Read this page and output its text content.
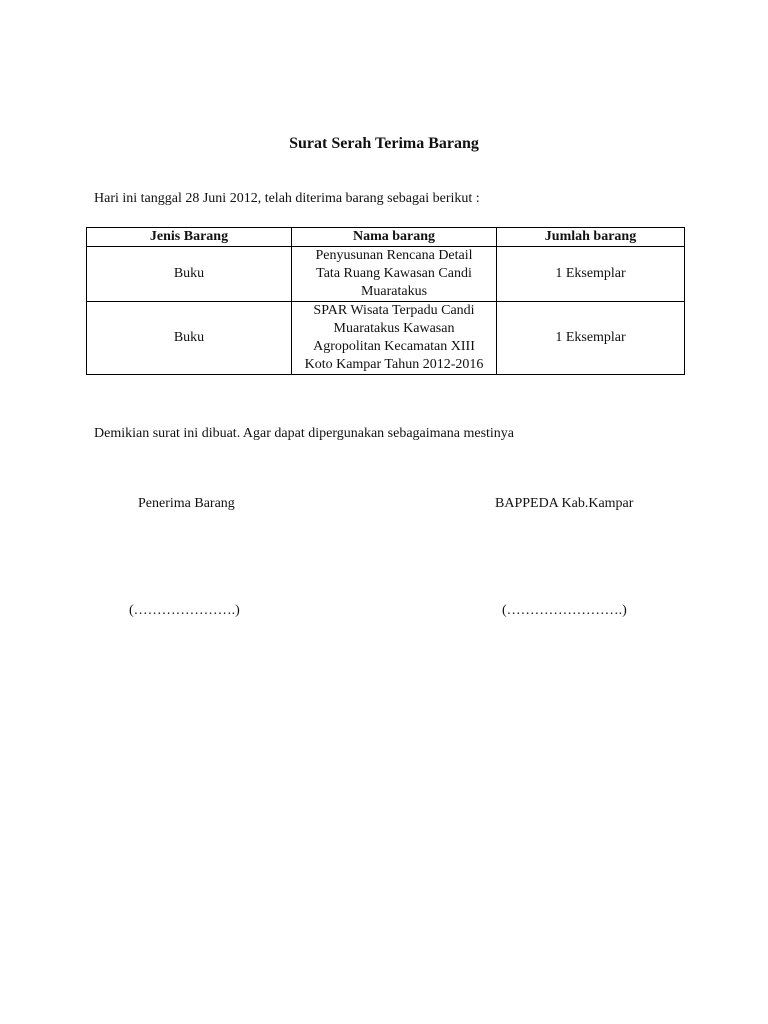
Surat Serah Terima Barang
Hari ini tanggal 28 Juni 2012, telah diterima barang sebagai berikut :
Jenis Barang	Nama barang	Jumlah barang
Buku	Penyusunan Rencana Detail Tata Ruang Kawasan Candi Muaratakus	1 Eksemplar
Buku	SPAR Wisata Terpadu Candi Muaratakus Kawasan Agropolitan Kecamatan XIII Koto Kampar Tahun 2012-2016	1 Eksemplar
Demikian surat ini dibuat. Agar dapat dipergunakan sebagaimana mestinya
Penerima Barang	BAPPEDA Kab.Kampar
(………………….)	(…………………….)
